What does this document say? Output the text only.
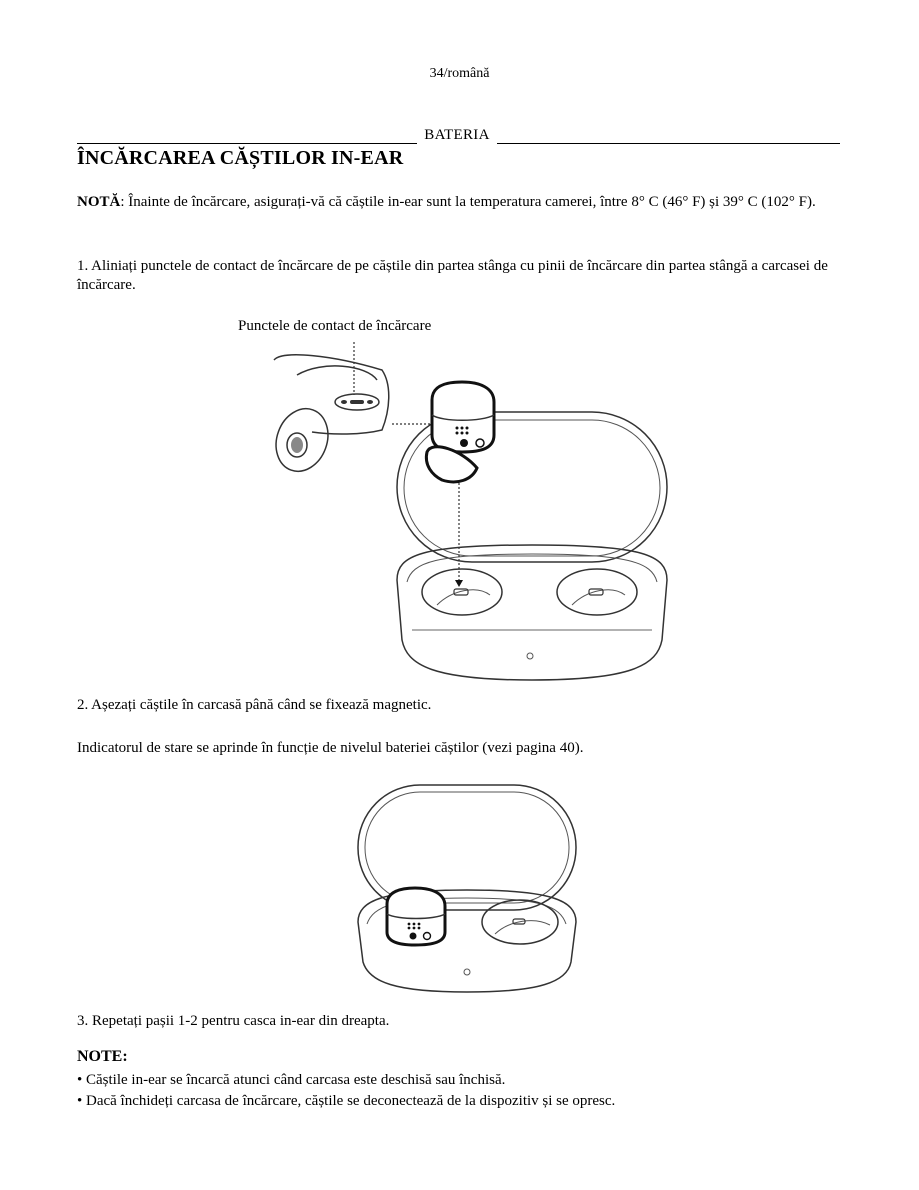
34/română
BATERIA
ÎNCĂRCAREA CĂȘTILOR IN-EAR
NOTĂ: Înainte de încărcare, asigurați-vă că căștile in-ear sunt la temperatura camerei, între 8° C (46° F) și 39° C (102° F).
1. Aliniați punctele de contact de încărcare de pe căștile din partea stânga cu pinii de încărcare din partea stângă a carcasei de încărcare.
Punctele de contact de încărcare
2. Așezați căștile în carcasă până când se fixează magnetic.
Indicatorul de stare se aprinde în funcție de nivelul bateriei căștilor (vezi pagina 40).
3. Repetați pașii 1-2 pentru casca in-ear din dreapta.
NOTE:
• Căștile in-ear se încarcă atunci când carcasa este deschisă sau închisă.
• Dacă închideți carcasa de încărcare, căștile se deconectează de la dispozitiv și se opresc.
